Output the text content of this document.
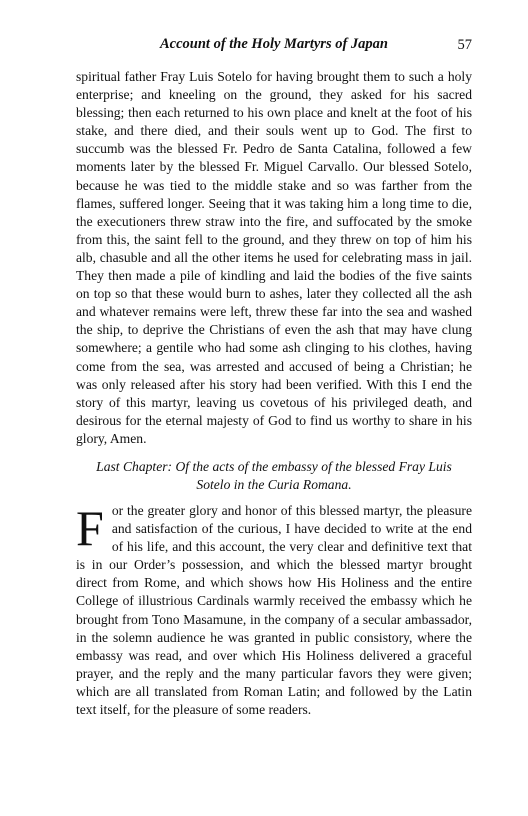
Account of the Holy Martyrs of Japan	57

spiritual father Fray Luis Sotelo for having brought them to such a holy enterprise; and kneeling on the ground, they asked for his sacred blessing; then each returned to his own place and knelt at the foot of his stake, and there died, and their souls went up to God. The first to succumb was the blessed Fr. Pedro de Santa Catalina, followed a few moments later by the blessed Fr. Miguel Carvallo. Our blessed Sotelo, because he was tied to the middle stake and so was farther from the flames, suffered longer. Seeing that it was taking him a long time to die, the executioners threw straw into the fire, and suffocated by the smoke from this, the saint fell to the ground, and they threw on top of him his alb, chasuble and all the other items he used for celebrating mass in jail. They then made a pile of kindling and laid the bodies of the five saints on top so that these would burn to ashes, later they collected all the ash and whatever remains were left, threw these far into the sea and washed the ship, to deprive the Christians of even the ash that may have clung somewhere; a gentile who had some ash clinging to his clothes, having come from the sea, was arrested and accused of being a Christian; he was only released after his story had been verified. With this I end the story of this martyr, leaving us covetous of his privileged death, and desirous for the eternal majesty of God to find us worthy to share in his glory, Amen.

Last Chapter: Of the acts of the embassy of the blessed Fray Luis Sotelo in the Curia Romana.

For the greater glory and honor of this blessed martyr, the pleasure and satisfaction of the curious, I have decided to write at the end of his life, and this account, the very clear and definitive text that is in our Order’s possession, and which the blessed martyr brought direct from Rome, and which shows how His Holiness and the entire College of illustrious Cardinals warmly received the embassy which he brought from Tono Masamune, in the company of a secular ambassador, in the solemn audience he was granted in public consistory, where the embassy was read, and over which His Holiness delivered a graceful prayer, and the reply and the many particular favors they were given; which are all translated from Roman Latin; and followed by the Latin text itself, for the pleasure of some readers.
